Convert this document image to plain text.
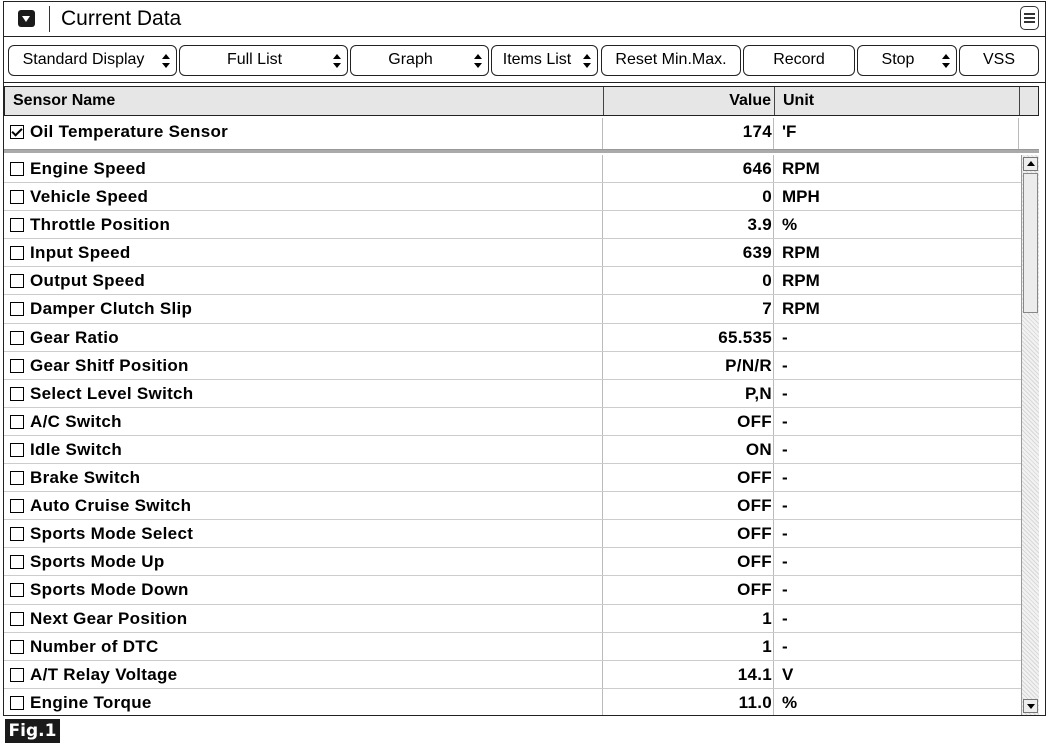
Current Data
Standard Display	Full List	Graph	Items List	Reset Min.Max.	Record	Stop	VSS
Sensor Name	Value Unit
Oil Temperature Sensor	174 'F
Engine Speed	646 RPM
Vehicle Speed	0 MPH
Throttle Position	3.9 %
Input Speed	639 RPM
Output Speed	0 RPM
Damper Clutch Slip	7 RPM
Gear Ratio	65.535 -
Gear Shitf Position	P/N/R -
Select Level Switch	P,N -
A/C Switch	OFF -
Idle Switch	ON -
Brake Switch	OFF -
Auto Cruise Switch	OFF -
Sports Mode Select	OFF -
Sports Mode Up	OFF -
Sports Mode Down	OFF -
Next Gear Position	1 -
Number of DTC	1 -
A/T Relay Voltage	14.1 V
Engine Torque	11.0 %
Fig.1
